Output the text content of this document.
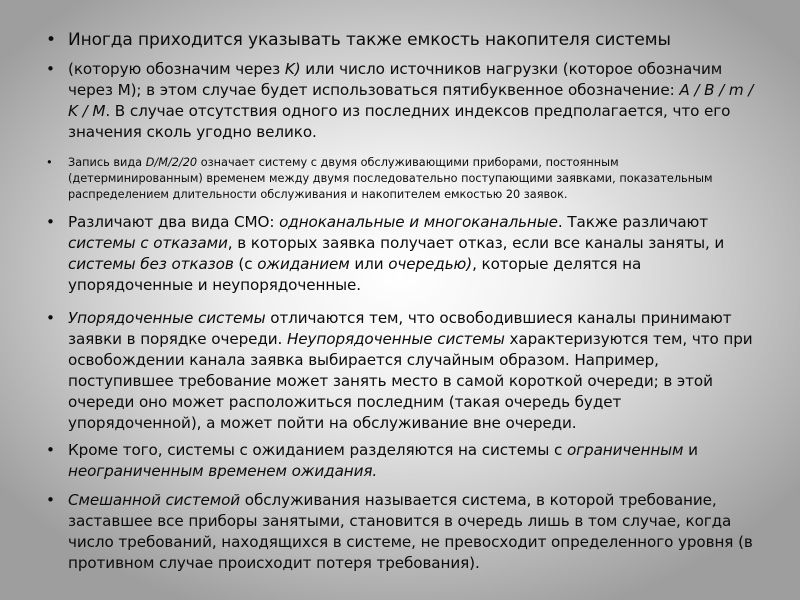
• Иногда приходится указывать также емкость накопителя системы
• (которую обозначим через K) или число источников нагрузки (которое обозначим через M); в этом случае будет использоваться пятибуквенное обозначение: A / B / m / K / M. В случае отсутствия одного из последних индексов предполагается, что его значения сколь угодно велико.
• Запись вида D/M/2/20 означает систему с двумя обслуживающими приборами, постоянным (детерминированным) временем между двумя последовательно поступающими заявками, показательным распределением длительности обслуживания и накопителем емкостью 20 заявок.
• Различают два вида СМО: одноканальные и многоканальные. Также различают системы с отказами, в которых заявка получает отказ, если все каналы заняты, и системы без отказов (с ожиданием или очередью), которые делятся на упорядоченные и неупорядоченные.
• Упорядоченные системы отличаются тем, что освободившиеся каналы принимают заявки в порядке очереди. Неупорядоченные системы характеризуются тем, что при освобождении канала заявка выбирается случайным образом. Например, поступившее требование может занять место в самой короткой очереди; в этой очереди оно может расположиться последним (такая очередь будет упорядоченной), а может пойти на обслуживание вне очереди.
• Кроме того, системы с ожиданием разделяются на системы с ограниченным и неограниченным временем ожидания.
• Смешанной системой обслуживания называется система, в которой требование, заставшее все приборы занятыми, становится в очередь лишь в том случае, когда число требований, находящихся в системе, не превосходит определенного уровня (в противном случае происходит потеря требования).
